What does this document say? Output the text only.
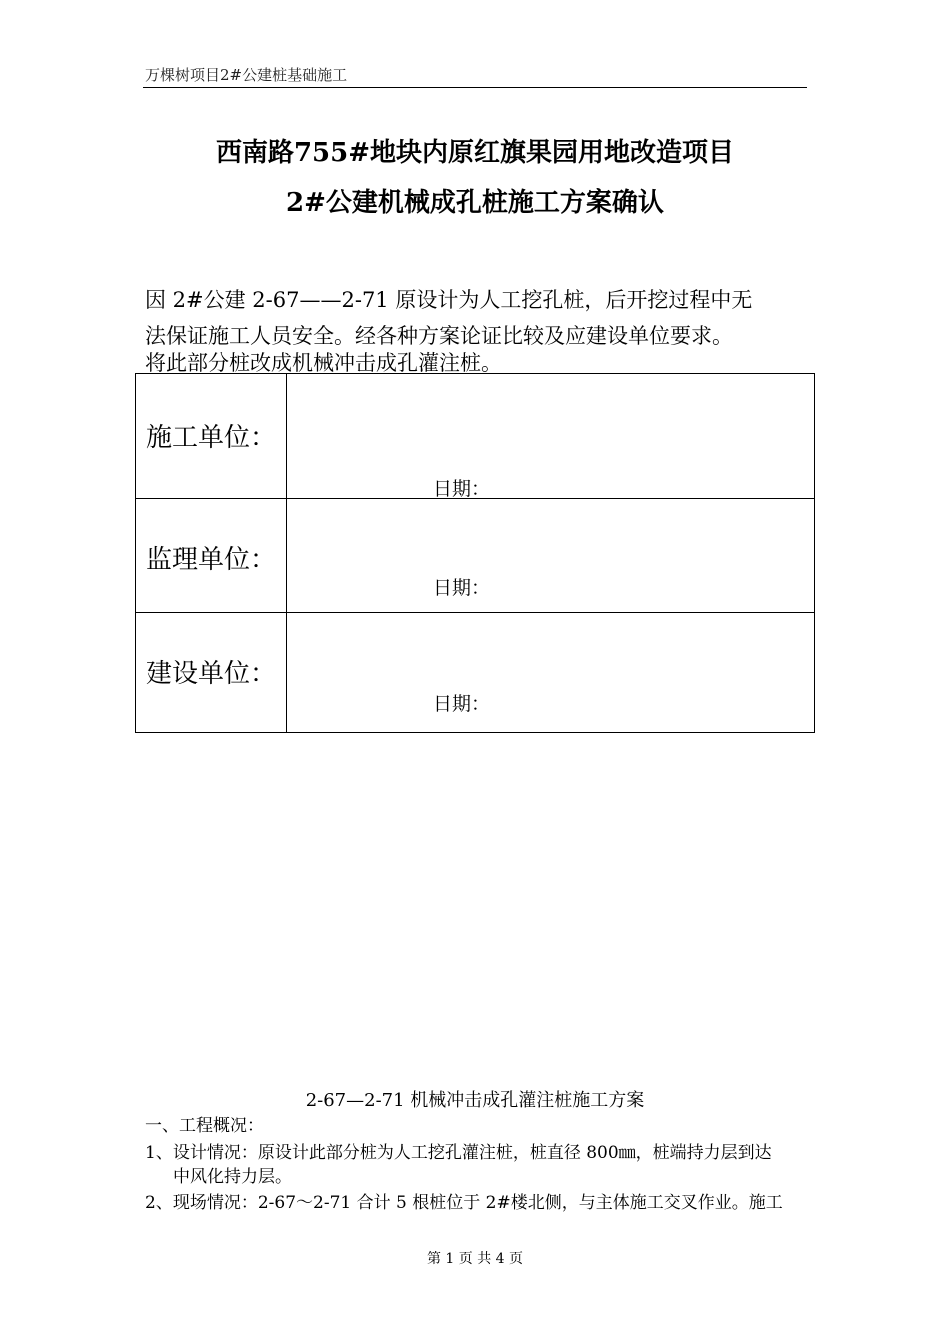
万棵树项目2#公建桩基础施工
西南路755#地块内原红旗果园用地改造项目
2#公建机械成孔桩施工方案确认
因 2#公建 2-67——2-71 原设计为人工挖孔桩，后开挖过程中无
法保证施工人员安全。经各种方案论证比较及应建设单位要求。
将此部分桩改成机械冲击成孔灌注桩。
施工单位：	日期：

监理单位：	日期：

建设单位：	日期：
2-67—2-71 机械冲击成孔灌注桩施工方案
一、工程概况：
1、设计情况：原设计此部分桩为人工挖孔灌注桩，桩直径 800㎜，桩端持力层到达
中风化持力层。
2、现场情况：2-67～2-71 合计 5 根桩位于 2#楼北侧，与主体施工交叉作业。施工
第 1 页 共 4 页
